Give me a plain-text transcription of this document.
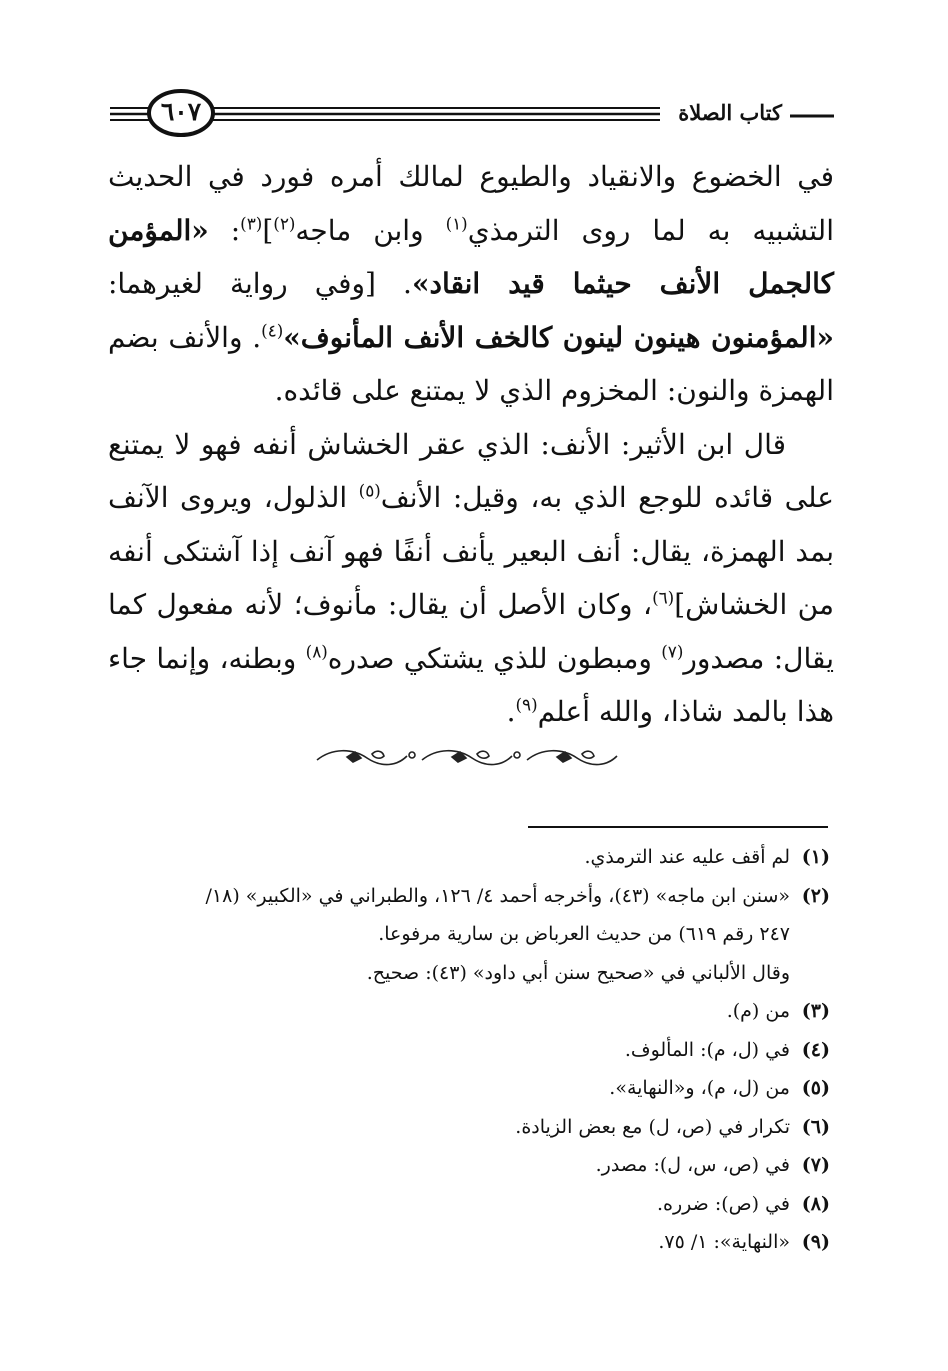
كتاب الصلاة
٦٠٧

في الخضوع والانقياد والطيوع لمالك أمره فورد في الحديث التشبيه به لما روى الترمذي$^{(١)}$ وابن ماجه$^{(٢)}$]$^{(٣)}$: «المؤمن كالجمل الأنف حيثما قيد انقاد». [وفي رواية لغيرهما: «المؤمنون هينون لينون كالخف الأنف المأنوف»$^{(٤)}$. والأنف بضم الهمزة والنون: المخزوم الذي لا يمتنع على قائده.

قال ابن الأثير: الأنف: الذي عقر الخشاش أنفه فهو لا يمتنع على قائده للوجع الذي به، وقيل: الأنف$^{(٥)}$ الذلول، ويروى الآنف بمد الهمزة، يقال: أنف البعير يأنف أنفًا فهو آنف إذا آشتكى أنفه من الخشاش]$^{(٦)}$، وكان الأصل أن يقال: مأنوف؛ لأنه مفعول كما يقال: مصدور$^{(٧)}$ ومبطون للذي يشتكي صدره$^{(٨)}$ وبطنه، وإنما جاء هذا بالمد شاذا، والله أعلم$^{(٩)}$.

(١)
لم أقف عليه عند الترمذي.
(٢)
«سنن ابن ماجه» (٤٣)، وأخرجه أحمد ٤/ ١٢٦، والطبراني في «الكبير» (١٨/
٢٤٧ رقم ٦١٩) من حديث العرباض بن سارية مرفوعا.
وقال الألباني في «صحيح سنن أبي داود» (٤٣): صحيح.
(٣)
من (م).
(٤)
في (ل، م): المألوف.
(٥)
من (ل، م)، و«النهاية».
(٦)
تكرار في (ص، ل) مع بعض الزيادة.
(٧)
في (ص، س، ل): مصدر.
(٨)
في (ص): ضرره.
(٩)
«النهاية»: ١/ ٧٥.
